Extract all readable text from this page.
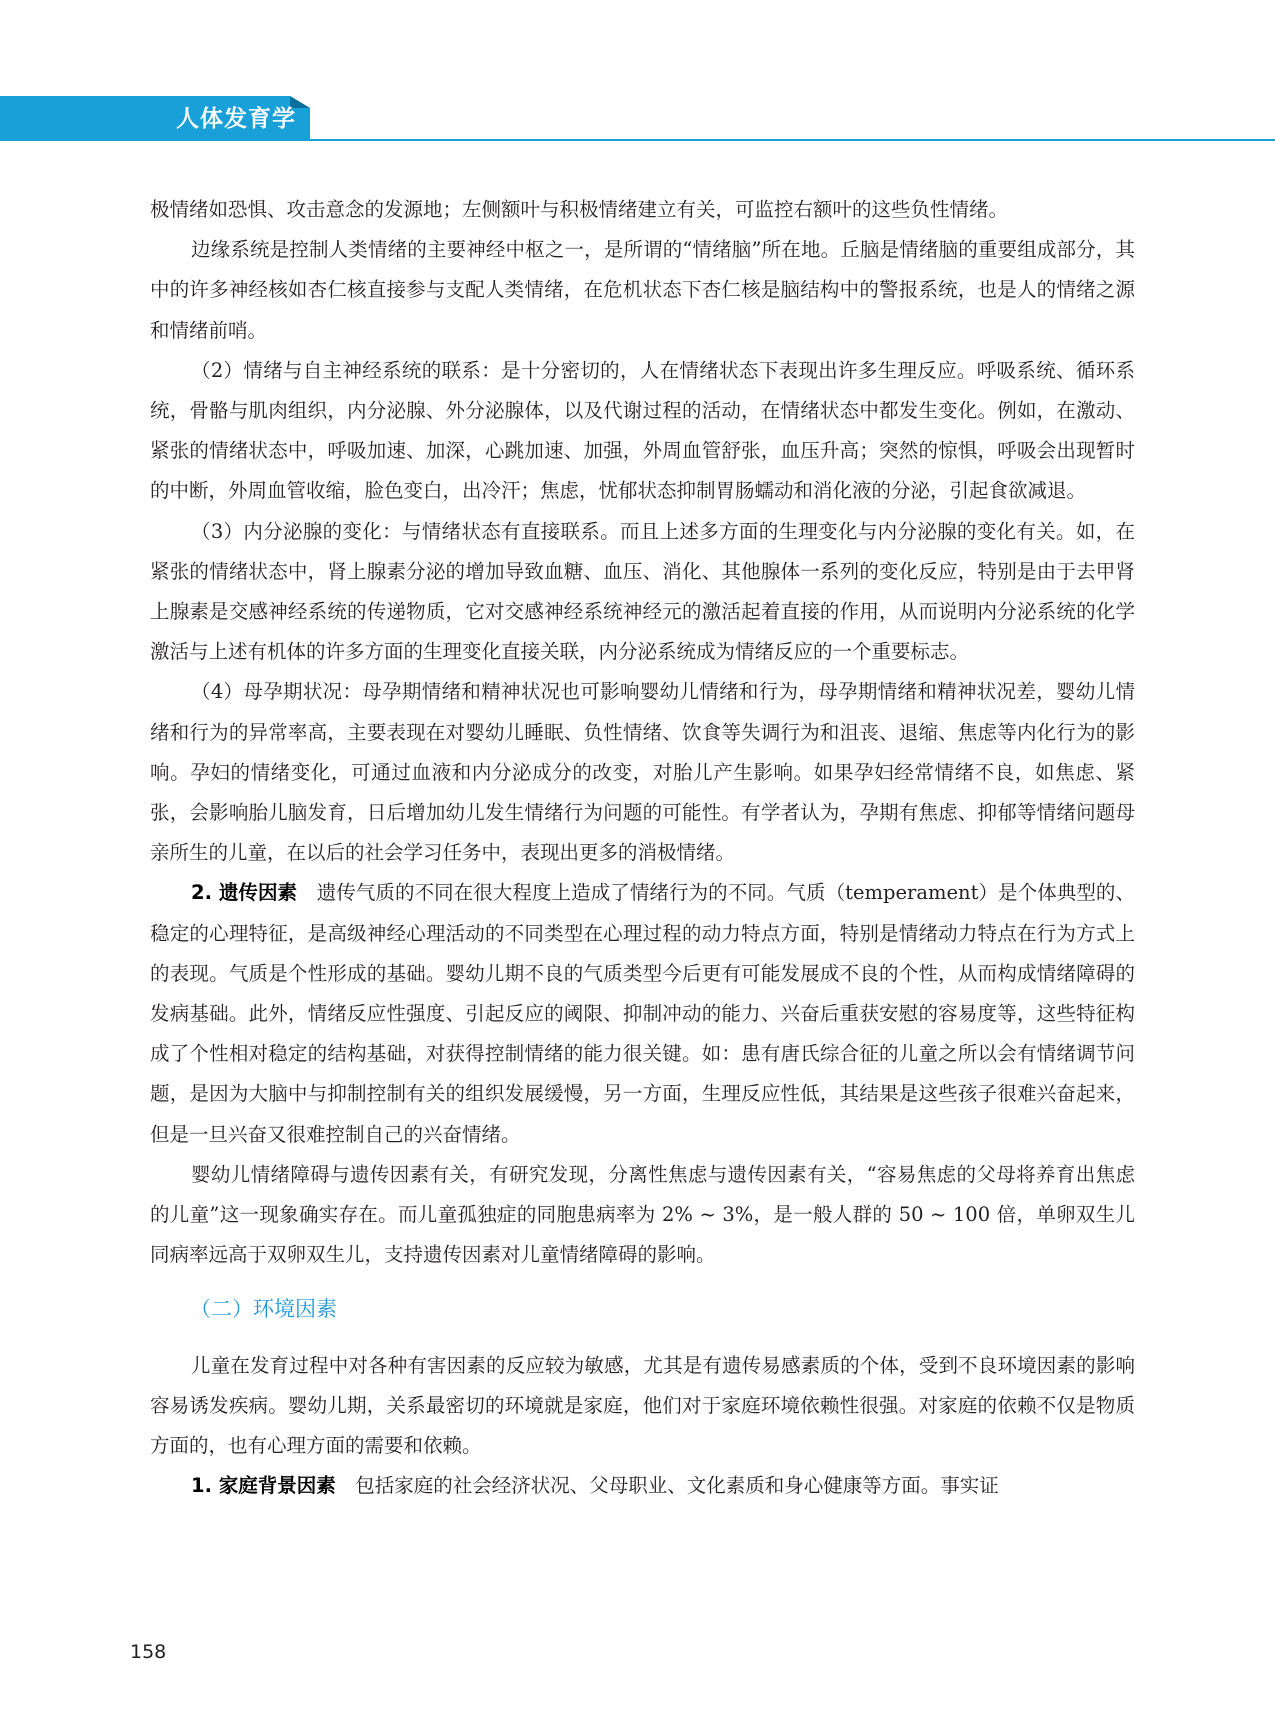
人体发育学

极情绪如恐惧、攻击意念的发源地；左侧额叶与积极情绪建立有关，可监控右额叶的这些负性情绪。

边缘系统是控制人类情绪的主要神经中枢之一，是所谓的“情绪脑”所在地。丘脑是情绪脑的重要组成部分，其中的许多神经核如杏仁核直接参与支配人类情绪，在危机状态下杏仁核是脑结构中的警报系统，也是人的情绪之源和情绪前哨。

（2）情绪与自主神经系统的联系：是十分密切的，人在情绪状态下表现出许多生理反应。呼吸系统、循环系统，骨骼与肌肉组织，内分泌腺、外分泌腺体，以及代谢过程的活动，在情绪状态中都发生变化。例如，在激动、紧张的情绪状态中，呼吸加速、加深，心跳加速、加强，外周血管舒张，血压升高；突然的惊惧，呼吸会出现暂时的中断，外周血管收缩，脸色变白，出冷汗；焦虑，忧郁状态抑制胃肠蠕动和消化液的分泌，引起食欲减退。

（3）内分泌腺的变化：与情绪状态有直接联系。而且上述多方面的生理变化与内分泌腺的变化有关。如，在紧张的情绪状态中，肾上腺素分泌的增加导致血糖、血压、消化、其他腺体一系列的变化反应，特别是由于去甲肾上腺素是交感神经系统的传递物质，它对交感神经系统神经元的激活起着直接的作用，从而说明内分泌系统的化学激活与上述有机体的许多方面的生理变化直接关联，内分泌系统成为情绪反应的一个重要标志。

（4）母孕期状况：母孕期情绪和精神状况也可影响婴幼儿情绪和行为，母孕期情绪和精神状况差，婴幼儿情绪和行为的异常率高，主要表现在对婴幼儿睡眠、负性情绪、饮食等失调行为和沮丧、退缩、焦虑等内化行为的影响。孕妇的情绪变化，可通过血液和内分泌成分的改变，对胎儿产生影响。如果孕妇经常情绪不良，如焦虑、紧张，会影响胎儿脑发育，日后增加幼儿发生情绪行为问题的可能性。有学者认为，孕期有焦虑、抑郁等情绪问题母亲所生的儿童，在以后的社会学习任务中，表现出更多的消极情绪。

2. 遗传因素　 遗传气质的不同在很大程度上造成了情绪行为的不同。气质（temperament）是个体典型的、稳定的心理特征，是高级神经心理活动的不同类型在心理过程的动力特点方面，特别是情绪动力特点在行为方式上的表现。气质是个性形成的基础。婴幼儿期不良的气质类型今后更有可能发展成不良的个性，从而构成情绪障碍的发病基础。此外，情绪反应性强度、引起反应的阈限、抑制冲动的能力、兴奋后重获安慰的容易度等，这些特征构成了个性相对稳定的结构基础，对获得控制情绪的能力很关键。如：患有唐氏综合征的儿童之所以会有情绪调节问题，是因为大脑中与抑制控制有关的组织发展缓慢，另一方面，生理反应性低，其结果是这些孩子很难兴奋起来，但是一旦兴奋又很难控制自己的兴奋情绪。

婴幼儿情绪障碍与遗传因素有关，有研究发现，分离性焦虑与遗传因素有关，“容易焦虑的父母将养育出焦虑的儿童”这一现象确实存在。而儿童孤独症的同胞患病率为 2% ~ 3%，是一般人群的 50 ~ 100 倍，单卵双生儿同病率远高于双卵双生儿，支持遗传因素对儿童情绪障碍的影响。

（二）环境因素

儿童在发育过程中对各种有害因素的反应较为敏感，尤其是有遗传易感素质的个体，受到不良环境因素的影响容易诱发疾病。婴幼儿期，关系最密切的环境就是家庭，他们对于家庭环境依赖性很强。对家庭的依赖不仅是物质方面的，也有心理方面的需要和依赖。

1. 家庭背景因素　 包括家庭的社会经济状况、父母职业、文化素质和身心健康等方面。事实证

158
